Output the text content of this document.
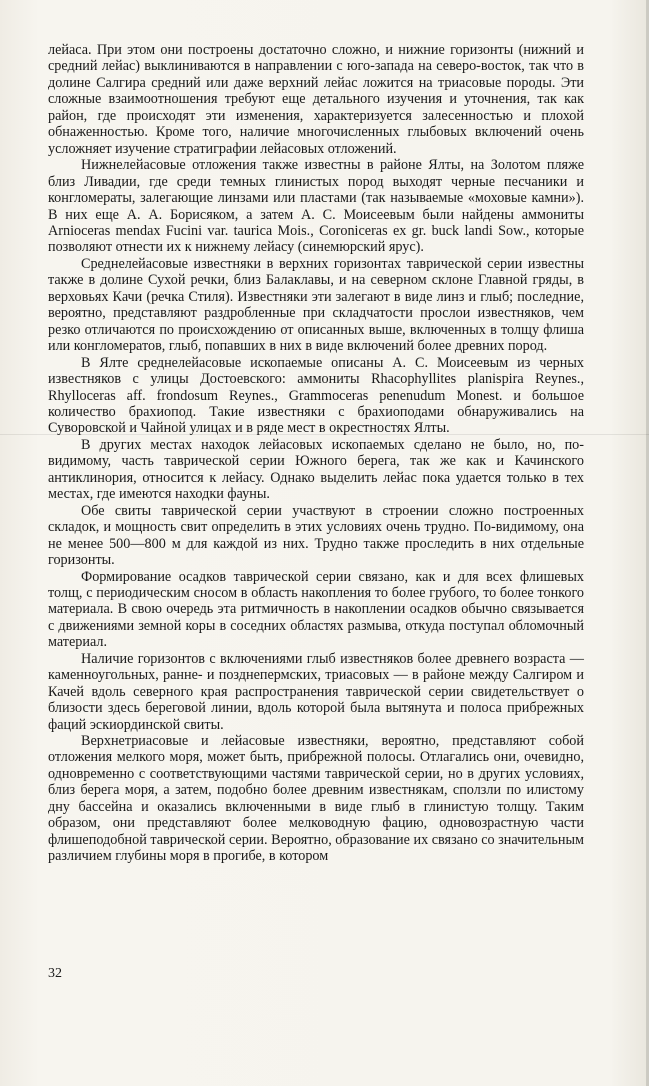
лейаса. При этом они построены достаточно сложно, и нижние горизонты (нижний и средний лейас) выклиниваются в направлении с юго-запада на северо-восток, так что в долине Салгира средний или даже верхний лейас ложится на триасовые породы. Эти сложные взаимоотношения требуют еще детального изучения и уточнения, так как район, где происходят эти изменения, характеризуется залесенностью и плохой обнаженностью. Кроме того, наличие многочисленных глыбовых включений очень усложняет изучение стратиграфии лейасовых отложений.

Нижнелейасовые отложения также известны в районе Ялты, на Золотом пляже близ Ливадии, где среди темных глинистых пород выходят черные песчаники и конгломераты, залегающие линзами или пластами (так называемые «моховые камни»). В них еще А. А. Борисяком, а затем А. С. Моисеевым были найдены аммониты Arnioceras mendax Fucini var. taurica Mois., Coroniceras ex gr. buck landi Sow., которые позволяют отнести их к нижнему лейасу (синемюрский ярус).

Среднелейасовые известняки в верхних горизонтах таврической серии известны также в долине Сухой речки, близ Балаклавы, и на северном склоне Главной гряды, в верховьях Качи (речка Стиля). Известняки эти залегают в виде линз и глыб; последние, вероятно, представляют раздробленные при складчатости прослои известняков, чем резко отличаются по происхождению от описанных выше, включенных в толщу флиша или конгломератов, глыб, попавших в них в виде включений более древних пород.

В Ялте среднелейасовые ископаемые описаны А. С. Моисеевым из черных известняков с улицы Достоевского: аммониты Rhacophyllites planispira Reynes., Rhylloceras aff. frondosum Reynes., Grammoceras penenudum Monest. и большое количество брахиопод. Такие известняки с брахиоподами обнаруживались на Суворовской и Чайной улицах и в ряде мест в окрестностях Ялты.

В других местах находок лейасовых ископаемых сделано не было, но, по-видимому, часть таврической серии Южного берега, так же как и Качинского антиклинория, относится к лейасу. Однако выделить лейас пока удается только в тех местах, где имеются находки фауны.

Обе свиты таврической серии участвуют в строении сложно построенных складок, и мощность свит определить в этих условиях очень трудно. По-видимому, она не менее 500—800 м для каждой из них. Трудно также проследить в них отдельные горизонты.

Формирование осадков таврической серии связано, как и для всех флишевых толщ, с периодическим сносом в область накопления то более грубого, то более тонкого материала. В свою очередь эта ритмичность в накоплении осадков обычно связывается с движениями земной коры в соседних областях размыва, откуда поступал обломочный материал.

Наличие горизонтов с включениями глыб известняков более древнего возраста — каменноугольных, ранне- и позднепермских, триасовых — в районе между Салгиром и Качей вдоль северного края распространения таврической серии свидетельствует о близости здесь береговой линии, вдоль которой была вытянута и полоса прибрежных фаций эскиординской свиты.

Верхнетриасовые и лейасовые известняки, вероятно, представляют собой отложения мелкого моря, может быть, прибрежной полосы. Отлагались они, очевидно, одновременно с соответствующими частями таврической серии, но в других условиях, близ берега моря, а затем, подобно более древним известнякам, сползли по илистому дну бассейна и оказались включенными в виде глыб в глинистую толщу. Таким образом, они представляют более мелководную фацию, одновозрастную части флишеподобной таврической серии. Вероятно, образование их связано со значительным различием глубины моря в прогибе, в котором

32
